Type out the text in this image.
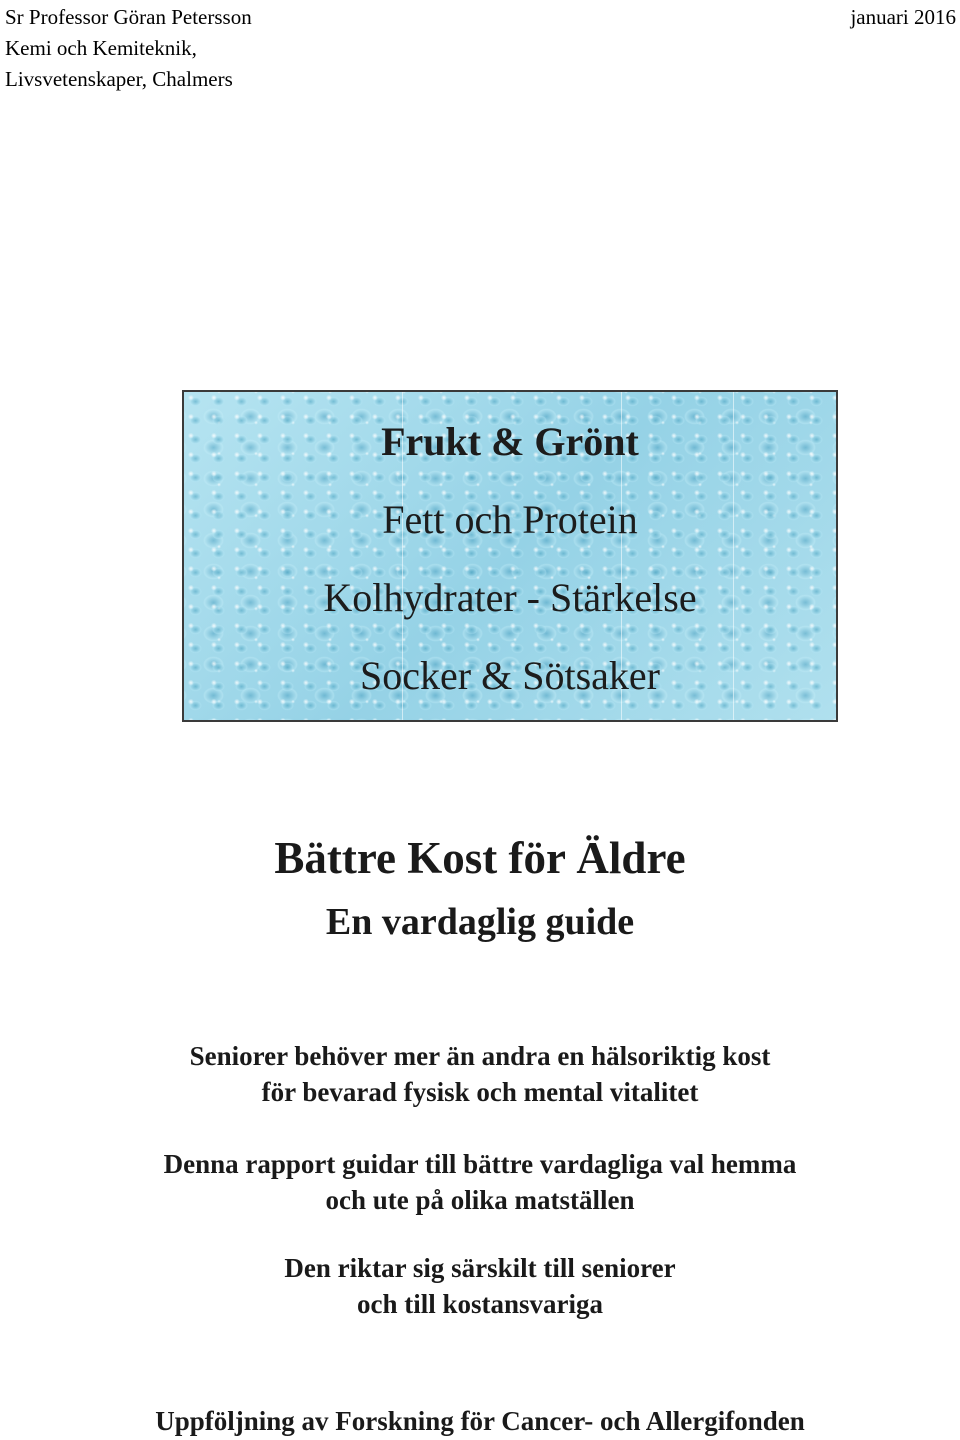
Sr Professor Göran Petersson
Kemi och Kemiteknik,
Livsvetenskaper, Chalmers
januari 2016
Frukt & Grönt
Fett och Protein
Kolhydrater - Stärkelse
Socker & Sötsaker
Bättre Kost för Äldre
En vardaglig guide
Seniorer behöver mer än andra en hälsoriktig kost
för bevarad fysisk och mental vitalitet
Denna rapport guidar till bättre vardagliga val hemma
och ute på olika matställen
Den riktar sig särskilt till seniorer
och till kostansvariga
Uppföljning av Forskning för Cancer- och Allergifonden
